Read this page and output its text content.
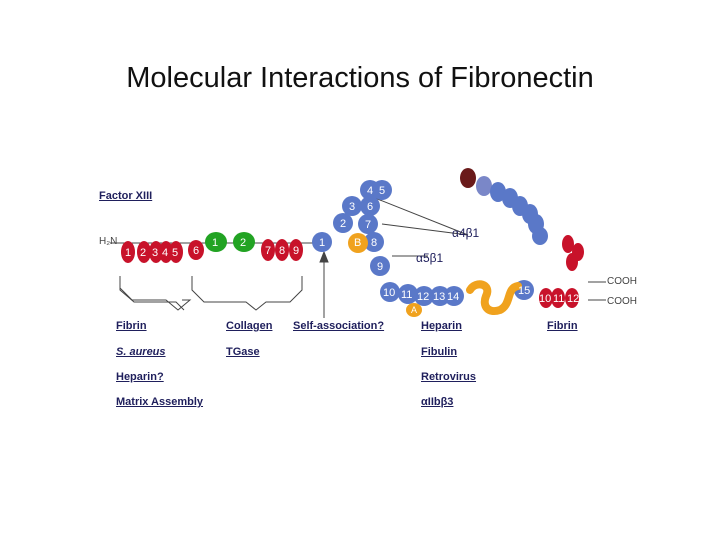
Molecular Interactions of Fibronectin
1 2 3 4 5 6
1 2
7 8 9
1
2
3
4 5
6
7
8
B
9
10 11 12 13 14
A
15
10 11 12
Factor XIII
H₂N
α4β1
α5β1
COOH
COOH
Fibrin
S. aureus
Heparin?
Matrix Assembly
Collagen
TGase
Self-association?	Heparin
Fibulin
Retrovirus
αIIbβ3
Fibrin
